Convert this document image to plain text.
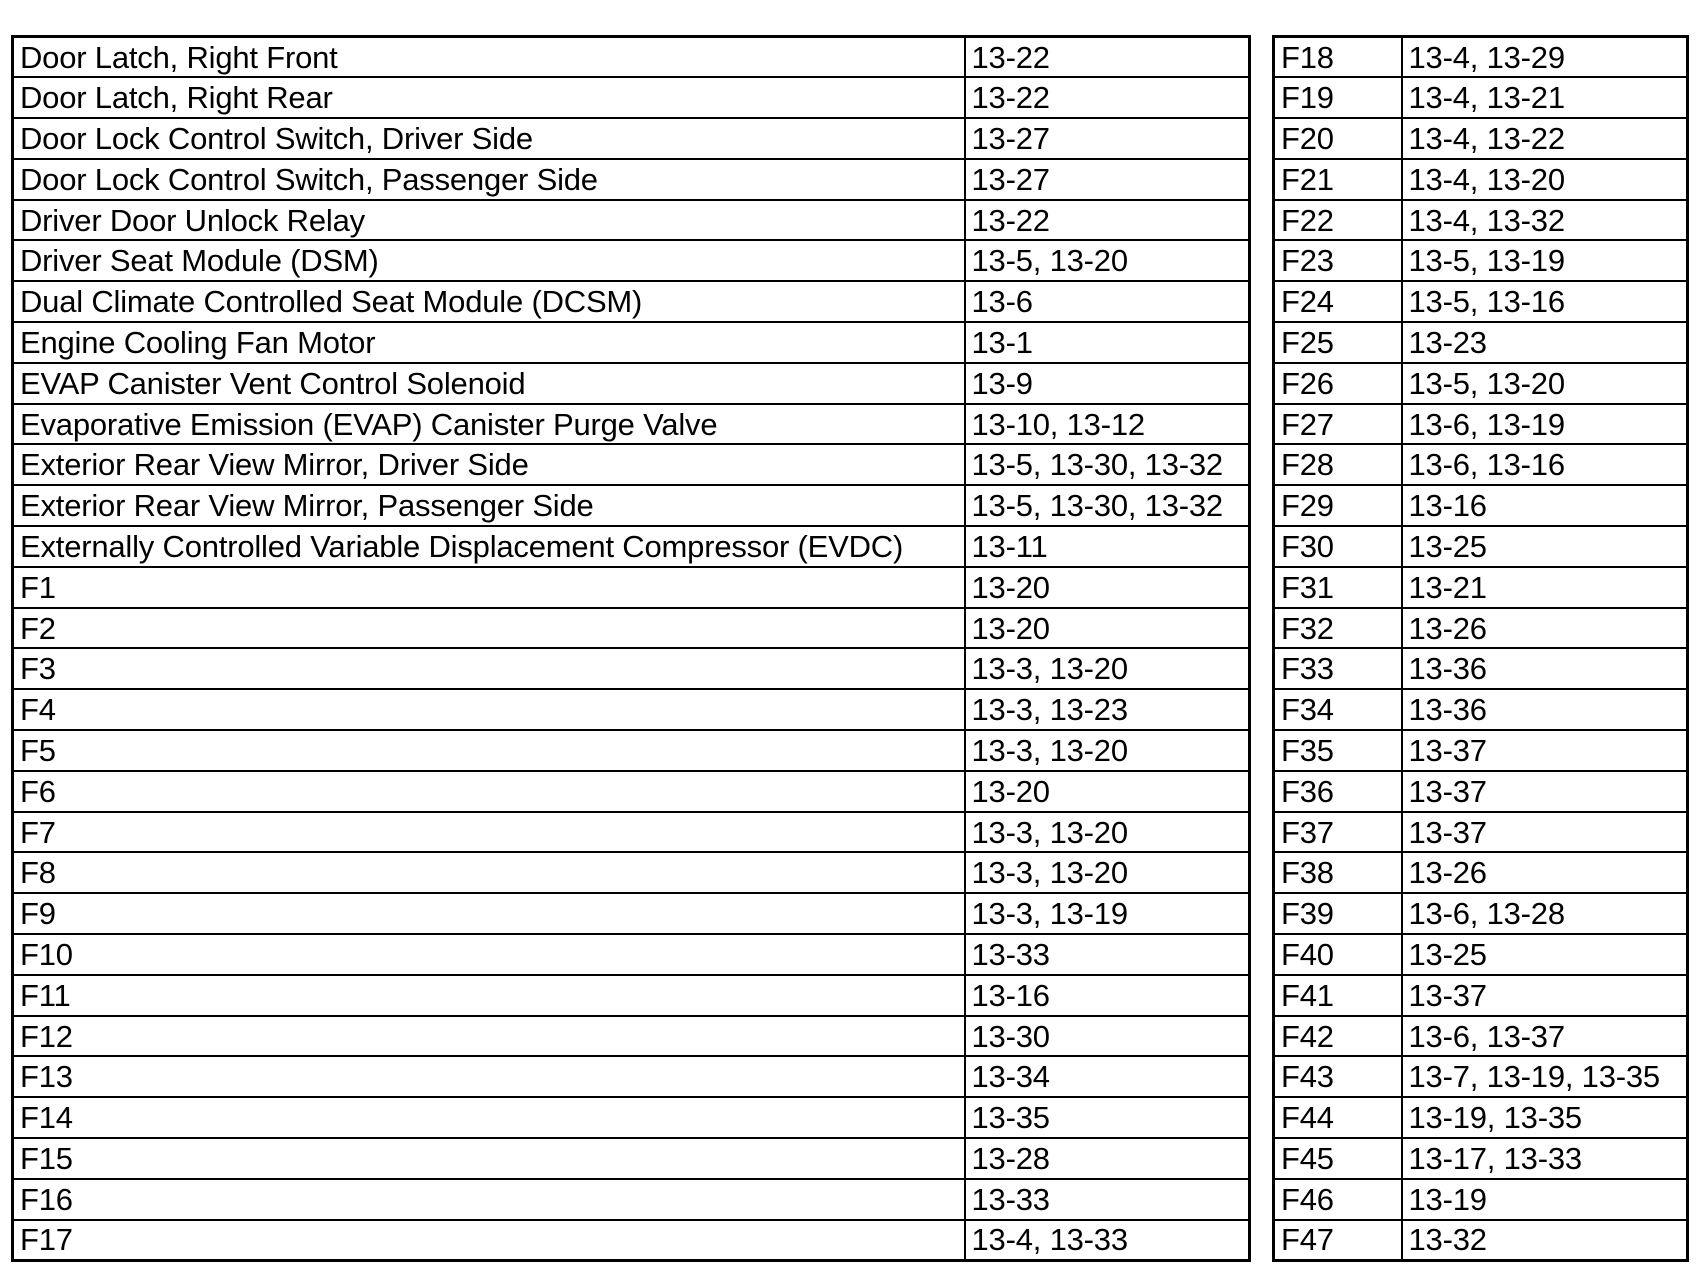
Door Latch, Right Front	13-22
Door Latch, Right Rear	13-22
Door Lock Control Switch, Driver Side	13-27
Door Lock Control Switch, Passenger Side	13-27
Driver Door Unlock Relay	13-22
Driver Seat Module (DSM)	13-5, 13-20
Dual Climate Controlled Seat Module (DCSM)	13-6
Engine Cooling Fan Motor	13-1
EVAP Canister Vent Control Solenoid	13-9
Evaporative Emission (EVAP) Canister Purge Valve	13-10, 13-12
Exterior Rear View Mirror, Driver Side	13-5, 13-30, 13-32
Exterior Rear View Mirror, Passenger Side	13-5, 13-30, 13-32
Externally Controlled Variable Displacement Compressor (EVDC)	13-11
F1	13-20
F2	13-20
F3	13-3, 13-20
F4	13-3, 13-23
F5	13-3, 13-20
F6	13-20
F7	13-3, 13-20
F8	13-3, 13-20
F9	13-3, 13-19
F10	13-33
F11	13-16
F12	13-30
F13	13-34
F14	13-35
F15	13-28
F16	13-33
F17	13-4, 13-33
F18	13-4, 13-29
F19	13-4, 13-21
F20	13-4, 13-22
F21	13-4, 13-20
F22	13-4, 13-32
F23	13-5, 13-19
F24	13-5, 13-16
F25	13-23
F26	13-5, 13-20
F27	13-6, 13-19
F28	13-6, 13-16
F29	13-16
F30	13-25
F31	13-21
F32	13-26
F33	13-36
F34	13-36
F35	13-37
F36	13-37
F37	13-37
F38	13-26
F39	13-6, 13-28
F40	13-25
F41	13-37
F42	13-6, 13-37
F43	13-7, 13-19, 13-35
F44	13-19, 13-35
F45	13-17, 13-33
F46	13-19
F47	13-32
